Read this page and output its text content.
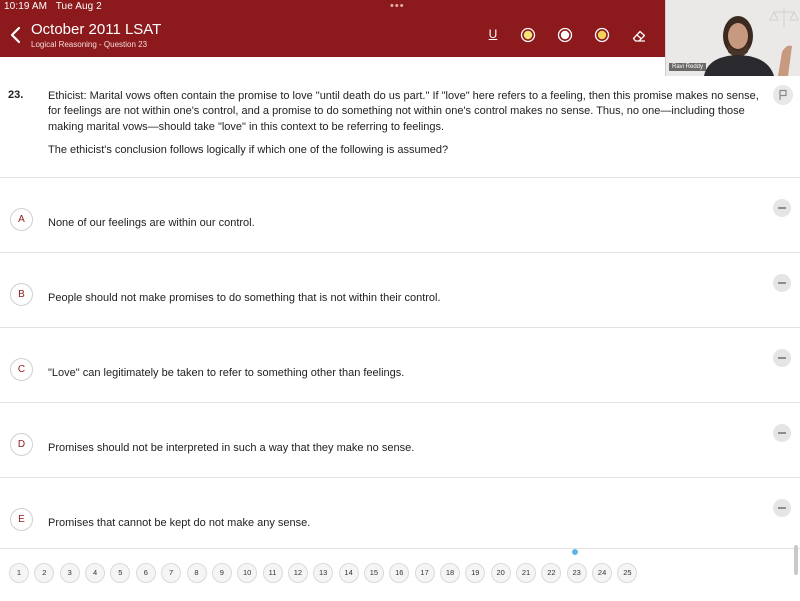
10:19 AM Tue Aug 2	•••
October 2011 LSAT
Logical Reasoning - Question 23
U
Ravi Reddy
23. Ethicist: Marital vows often contain the promise to love "until death do us part." If "love" here refers to a feeling, then this promise makes no sense, for feelings are not within one's control, and a promise to do something not within one's control makes no sense. Thus, no one—including those making marital vows—should take "love" in this context to be referring to feelings.
The ethicist's conclusion follows logically if which one of the following is assumed?
A	None of our feelings are within our control.
B	People should not make promises to do something that is not within their control.
C	"Love" can legitimately be taken to refer to something other than feelings.
D	Promises should not be interpreted in such a way that they make no sense.
E	Promises that cannot be kept do not make any sense.
1	2	3	4	5	6	7	8	9	10	11	12	13	14	15	16	17	18	19	20	21	22	23	24	25
